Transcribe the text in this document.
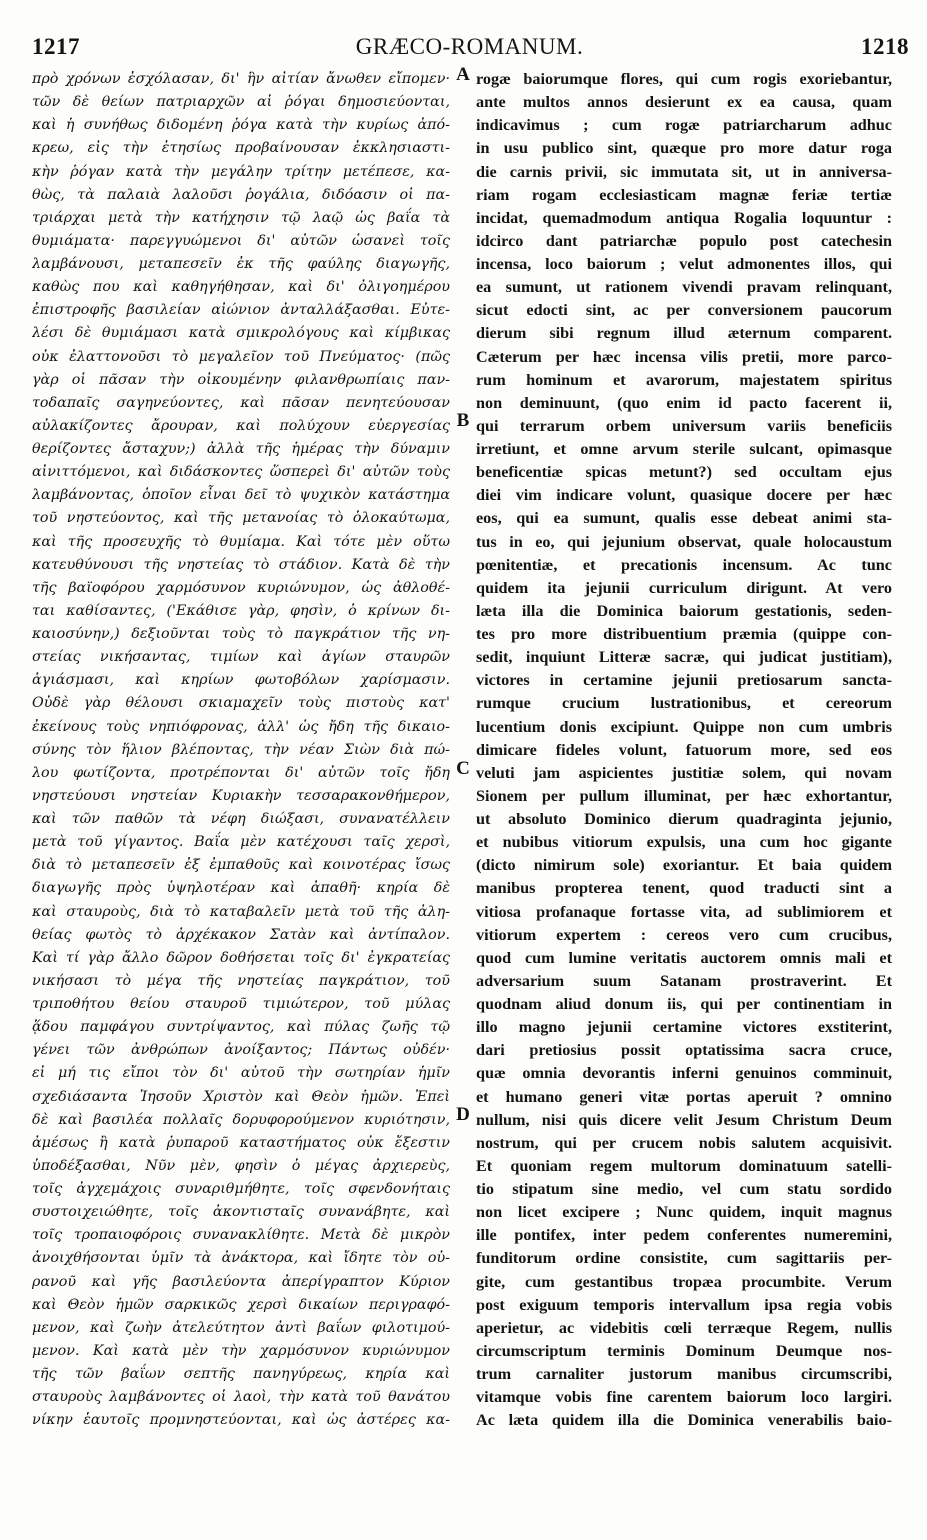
1217	GRÆCO-ROMANUM.	1218
πρὸ χρόνων ἐσχόλασαν, δι' ἣν αἰτίαν ἄνωθεν εἴπομεν·
τῶν δὲ θείων πατριαρχῶν αἱ ῥόγαι δημοσιεύονται,
καὶ ἡ συνήθως διδομένη ῥόγα κατὰ τὴν κυρίως ἀπό-
κρεω, εἰς τὴν ἐτησίως προβαίνουσαν ἐκκλησιαστι-
κὴν ῥόγαν κατὰ τὴν μεγάλην τρίτην μετέπεσε, κα-
θὼς, τὰ παλαιὰ λαλοῦσι ῥογάλια, διδόασιν οἱ πα-
τριάρχαι μετὰ τὴν κατήχησιν τῷ λαῷ ὡς βαΐα τὰ
θυμιάματα· παρεγγυώμενοι δι' αὐτῶν ὡσανεὶ τοῖς
λαμβάνουσι, μεταπεσεῖν ἐκ τῆς φαύλης διαγωγῆς,
καθὼς που καὶ καθηγήθησαν, καὶ δι' ὀλιγοημέρου
ἐπιστροφῆς βασιλείαν αἰώνιον ἀνταλλάξασθαι. Εὐτε-
λέσι δὲ θυμιάμασι κατὰ σμικρολόγους καὶ κίμβικας
οὐκ ἐλαττονοῦσι τὸ μεγαλεῖον τοῦ Πνεύματος· (πῶς
γὰρ οἱ πᾶσαν τὴν οἰκουμένην φιλανθρωπίαις παν-
τοδαπαῖς σαγηνεύοντες, καὶ πᾶσαν πενητεύουσαν
αὐλακίζοντες ἄρουραν, καὶ πολύχουν εὐεργεσίας
θερίζοντες ἄσταχυν;) ἀλλὰ τῆς ἡμέρας τὴν δύναμιν
αἰνιττόμενοι, καὶ διδάσκοντες ὥσπερεὶ δι' αὐτῶν τοὺς
λαμβάνοντας, ὁποῖον εἶναι δεῖ τὸ ψυχικὸν κατάστημα
τοῦ νηστεύοντος, καὶ τῆς μετανοίας τὸ ὁλοκαύτωμα,
καὶ τῆς προσευχῆς τὸ θυμίαμα. Καὶ τότε μὲν οὕτω
κατευθύνουσι τῆς νηστείας τὸ στάδιον. Κατὰ δὲ τὴν
τῆς βαϊοφόρου χαρμόσυνον κυριώνυμον, ὡς ἀθλοθέ-
ται καθίσαντες, ('Εκάθισε γὰρ, φησὶν, ὁ κρίνων δι-
καιοσύνην,) δεξιοῦνται τοὺς τὸ παγκράτιον τῆς νη-
στείας νικήσαντας, τιμίων καὶ ἁγίων σταυρῶν
ἁγιάσμασι, καὶ κηρίων φωτοβόλων χαρίσμασιν.
Οὐδὲ γὰρ θέλουσι σκιαμαχεῖν τοὺς πιστοὺς κατ'
ἐκείνους τοὺς νηπιόφρονας, ἀλλ' ὡς ἤδη τῆς δικαιο-
σύνης τὸν ἥλιον βλέποντας, τὴν νέαν Σιὼν διὰ πώ-
λου φωτίζοντα, προτρέπονται δι' αὐτῶν τοῖς ἤδη
νηστεύουσι νηστείαν Κυριακὴν τεσσαρακονθήμερον,
καὶ τῶν παθῶν τὰ νέφη διώξασι, συνανατέλλειν
μετὰ τοῦ γίγαντος. Βαΐα μὲν κατέχουσι ταῖς χερσὶ,
διὰ τὸ μεταπεσεῖν ἐξ ἐμπαθοῦς καὶ κοινοτέρας ἴσως
διαγωγῆς πρὸς ὑψηλοτέραν καὶ ἀπαθῆ· κηρία δὲ
καὶ σταυροὺς, διὰ τὸ καταβαλεῖν μετὰ τοῦ τῆς ἀλη-
θείας φωτὸς τὸ ἀρχέκακον Σατὰν καὶ ἀντίπαλον.
Καὶ τί γὰρ ἄλλο δῶρον δοθήσεται τοῖς δι' ἐγκρατείας
νικήσασι τὸ μέγα τῆς νηστείας παγκράτιον, τοῦ
τριποθήτου θείου σταυροῦ τιμιώτερον, τοῦ μύλας
ᾅδου παμφάγου συντρίψαντος, καὶ πύλας ζωῆς τῷ
γένει τῶν ἀνθρώπων ἀνοίξαντος; Πάντως οὐδέν·
εἰ μή τις εἴποι τὸν δι' αὐτοῦ τὴν σωτηρίαν ἡμῖν
σχεδιάσαντα Ἰησοῦν Χριστὸν καὶ Θεὸν ἡμῶν. Ἐπεὶ
δὲ καὶ βασιλέα πολλαῖς δορυφορούμενον κυριότησιν,
ἀμέσως ἢ κατὰ ῥυπαροῦ καταστήματος οὐκ ἔξεστιν
ὑποδέξασθαι, Νῦν μὲν, φησὶν ὁ μέγας ἀρχιερεὺς,
τοῖς ἀγχεμάχοις συναριθμήθητε, τοῖς σφενδονήταις
συστοιχειώθητε, τοῖς ἀκοντισταῖς συνανάβητε, καὶ
τοῖς τροπαιοφόροις συνανακλίθητε. Μετὰ δὲ μικρὸν
ἀνοιχθήσονται ὑμῖν τὰ ἀνάκτορα, καὶ ἴδητε τὸν οὐ-
ρανοῦ καὶ γῆς βασιλεύοντα ἀπερίγραπτον Κύριον
καὶ Θεὸν ἡμῶν σαρκικῶς χερσὶ δικαίων περιγραφό-
μενον, καὶ ζωὴν ἀτελεύτητον ἀντὶ βαΐων φιλοτιμού-
μενον. Καὶ κατὰ μὲν τὴν χαρμόσυνον κυριώνυμον
τῆς τῶν βαΐων σεπτῆς πανηγύρεως, κηρία καὶ
σταυροὺς λαμβάνοντες οἱ λαοὶ, τὴν κατὰ τοῦ θανάτου
νίκην ἑαυτοῖς προμνηστεύονται, καὶ ὡς ἀστέρες κα-
A
B
C
D
rogæ baiorumque flores, qui cum rogis exoriebantur,
ante multos annos desierunt ex ea causa, quam
indicavimus ; cum rogæ patriarcharum adhuc
in usu publico sint, quæque pro more datur roga
die carnis privii, sic immutata sit, ut in anniversa-
riam rogam ecclesiasticam magnæ feriæ tertiæ
incidat, quemadmodum antiqua Rogalia loquuntur :
idcirco dant patriarchæ populo post catechesin
incensa, loco baiorum ; velut admonentes illos, qui
ea sumunt, ut rationem vivendi pravam relinquant,
sicut edocti sint, ac per conversionem paucorum
dierum sibi regnum illud æternum comparent.
Cæterum per hæc incensa vilis pretii, more parco-
rum hominum et avarorum, majestatem spiritus
non deminuunt, (quo enim id pacto facerent ii,
qui terrarum orbem universum variis beneficiis
irretiunt, et omne arvum sterile sulcant, opimasque
beneficentiæ spicas metunt?) sed occultam ejus
diei vim indicare volunt, quasique docere per hæc
eos, qui ea sumunt, qualis esse debeat animi sta-
tus in eo, qui jejunium observat, quale holocaustum
pœnitentiæ, et precationis incensum. Ac tunc
quidem ita jejunii curriculum dirigunt. At vero
læta illa die Dominica baiorum gestationis, seden-
tes pro more distribuentium præmia (quippe con-
sedit, inquiunt Litteræ sacræ, qui judicat justitiam),
victores in certamine jejunii pretiosarum sancta-
rumque crucium lustrationibus, et cereorum
lucentium donis excipiunt. Quippe non cum umbris
dimicare fideles volunt, fatuorum more, sed eos
veluti jam aspicientes justitiæ solem, qui novam
Sionem per pullum illuminat, per hæc exhortantur,
ut absoluto Dominico dierum quadraginta jejunio,
et nubibus vitiorum expulsis, una cum hoc gigante
(dicto nimirum sole) exoriantur. Et baia quidem
manibus propterea tenent, quod traducti sint a
vitiosa profanaque fortasse vita, ad sublimiorem et
vitiorum expertem : cereos vero cum crucibus,
quod cum lumine veritatis auctorem omnis mali et
adversarium suum Satanam prostraverint. Et
quodnam aliud donum iis, qui per continentiam in
illo magno jejunii certamine victores exstiterint,
dari pretiosius possit optatissima sacra cruce,
quæ omnia devorantis inferni genuinos comminuit,
et humano generi vitæ portas aperuit ? omnino
nullum, nisi quis dicere velit Jesum Christum Deum
nostrum, qui per crucem nobis salutem acquisivit.
Et quoniam regem multorum dominatuum satelli-
tio stipatum sine medio, vel cum statu sordido
non licet excipere ; Nunc quidem, inquit magnus
ille pontifex, inter pedem conferentes numeremini,
funditorum ordine consistite, cum sagittariis per-
gite, cum gestantibus tropæa procumbite. Verum
post exiguum temporis intervallum ipsa regia vobis
aperietur, ac videbitis cœli terræque Regem, nullis
circumscriptum terminis Dominum Deumque nos-
trum carnaliter justorum manibus circumscribi,
vitamque vobis fine carentem baiorum loco largiri.
Ac læta quidem illa die Dominica venerabilis baio-
